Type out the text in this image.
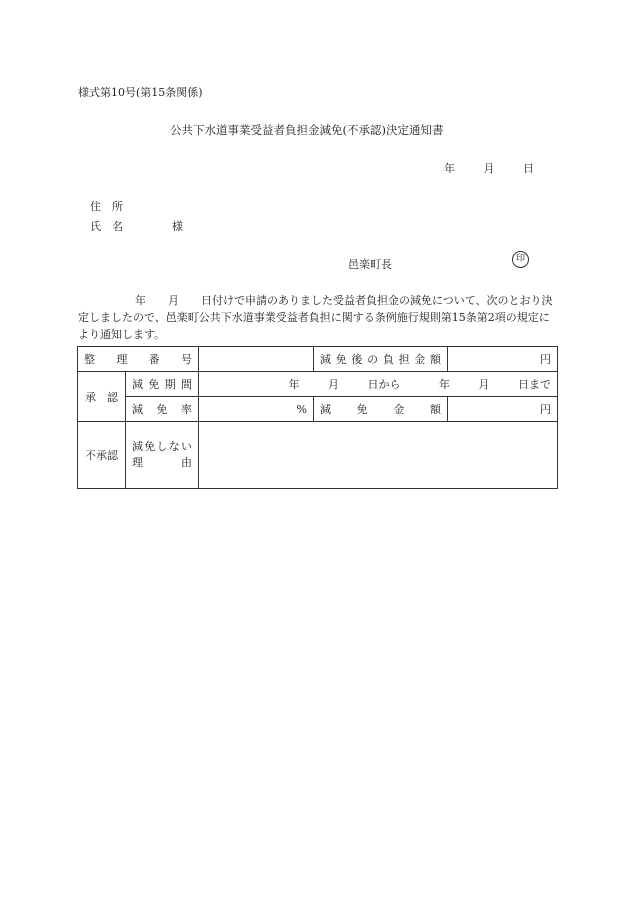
様式第10号(第15条関係)
公共下水道事業受益者負担金減免(不承認)決定通知書
年	月	日
住　所
氏　名	様
邑楽町長	印
年 月 日付けで申請のありました受益者負担金の減免について、次のとおり決定しましたので、邑楽町公共下水道事業受益者負担に関する条例施行規則第15条第2項の規定により通知します。
整理番号			減免後の負担金額	円
承　認	減免期間	年 月 日から 年 月 日まで		
	減免率	%	減免金額	円
不承認	減免しない
理　由			
